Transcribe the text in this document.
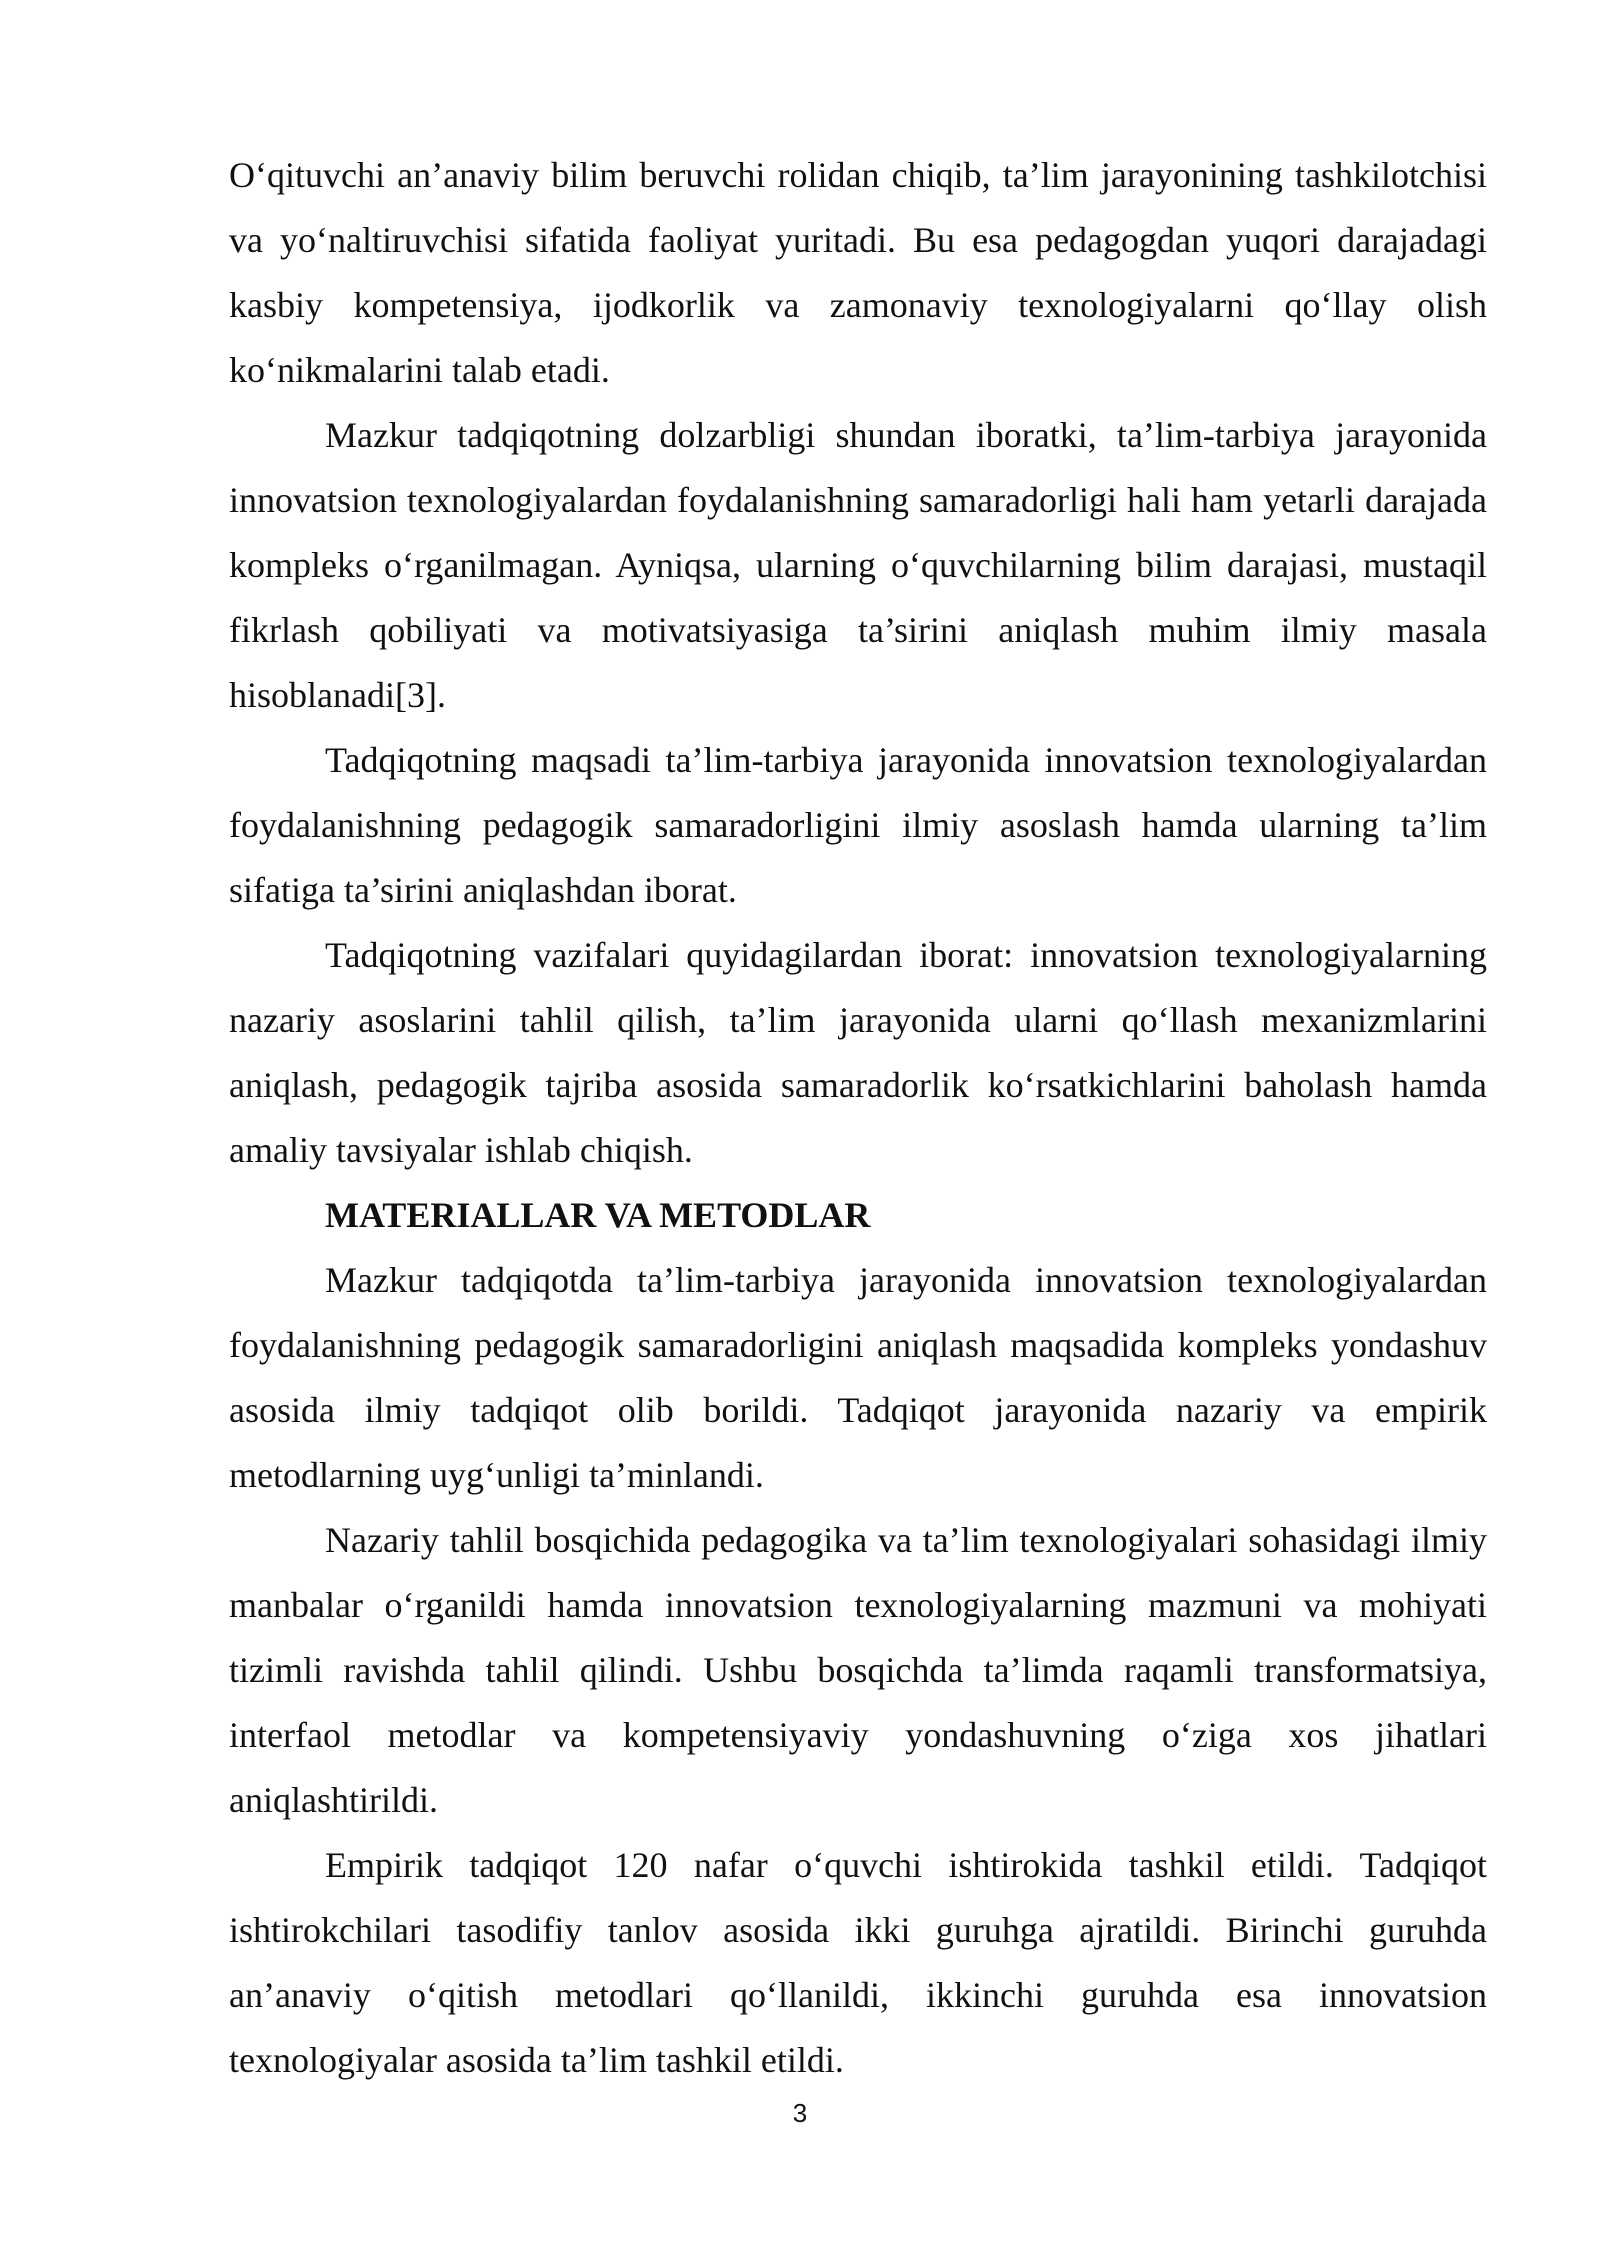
O‘qituvchi an’anaviy bilim beruvchi rolidan chiqib, ta’lim jarayonining tashkilotchisi va yo‘naltiruvchisi sifatida faoliyat yuritadi. Bu esa pedagogdan yuqori darajadagi kasbiy kompetensiya, ijodkorlik va zamonaviy texnologiyalarni qo‘llay olish ko‘nikmalarini talab etadi.

Mazkur tadqiqotning dolzarbligi shundan iboratki, ta’lim-tarbiya jarayonida innovatsion texnologiyalardan foydalanishning samaradorligi hali ham yetarli darajada kompleks o‘rganilmagan. Ayniqsa, ularning o‘quvchilarning bilim darajasi, mustaqil fikrlash qobiliyati va motivatsiyasiga ta’sirini aniqlash muhim ilmiy masala hisoblanadi[3].

Tadqiqotning maqsadi ta’lim-tarbiya jarayonida innovatsion texnologiyalardan foydalanishning pedagogik samaradorligini ilmiy asoslash hamda ularning ta’lim sifatiga ta’sirini aniqlashdan iborat.

Tadqiqotning vazifalari quyidagilardan iborat: innovatsion texnologiyalarning nazariy asoslarini tahlil qilish, ta’lim jarayonida ularni qo‘llash mexanizmlarini aniqlash, pedagogik tajriba asosida samaradorlik ko‘rsatkichlarini baholash hamda amaliy tavsiyalar ishlab chiqish.

MATERIALLAR VA METODLAR

Mazkur tadqiqotda ta’lim-tarbiya jarayonida innovatsion texnologiyalardan foydalanishning pedagogik samaradorligini aniqlash maqsadida kompleks yondashuv asosida ilmiy tadqiqot olib borildi. Tadqiqot jarayonida nazariy va empirik metodlarning uyg‘unligi ta’minlandi.

Nazariy tahlil bosqichida pedagogika va ta’lim texnologiyalari sohasidagi ilmiy manbalar o‘rganildi hamda innovatsion texnologiyalarning mazmuni va mohiyati tizimli ravishda tahlil qilindi. Ushbu bosqichda ta’limda raqamli transformatsiya, interfaol metodlar va kompetensiyaviy yondashuvning o‘ziga xos jihatlari aniqlashtirildi.

Empirik tadqiqot 120 nafar o‘quvchi ishtirokida tashkil etildi. Tadqiqot ishtirokchilari tasodifiy tanlov asosida ikki guruhga ajratildi. Birinchi guruhda an’anaviy o‘qitish metodlari qo‘llanildi, ikkinchi guruhda esa innovatsion texnologiyalar asosida ta’lim tashkil etildi.

3
